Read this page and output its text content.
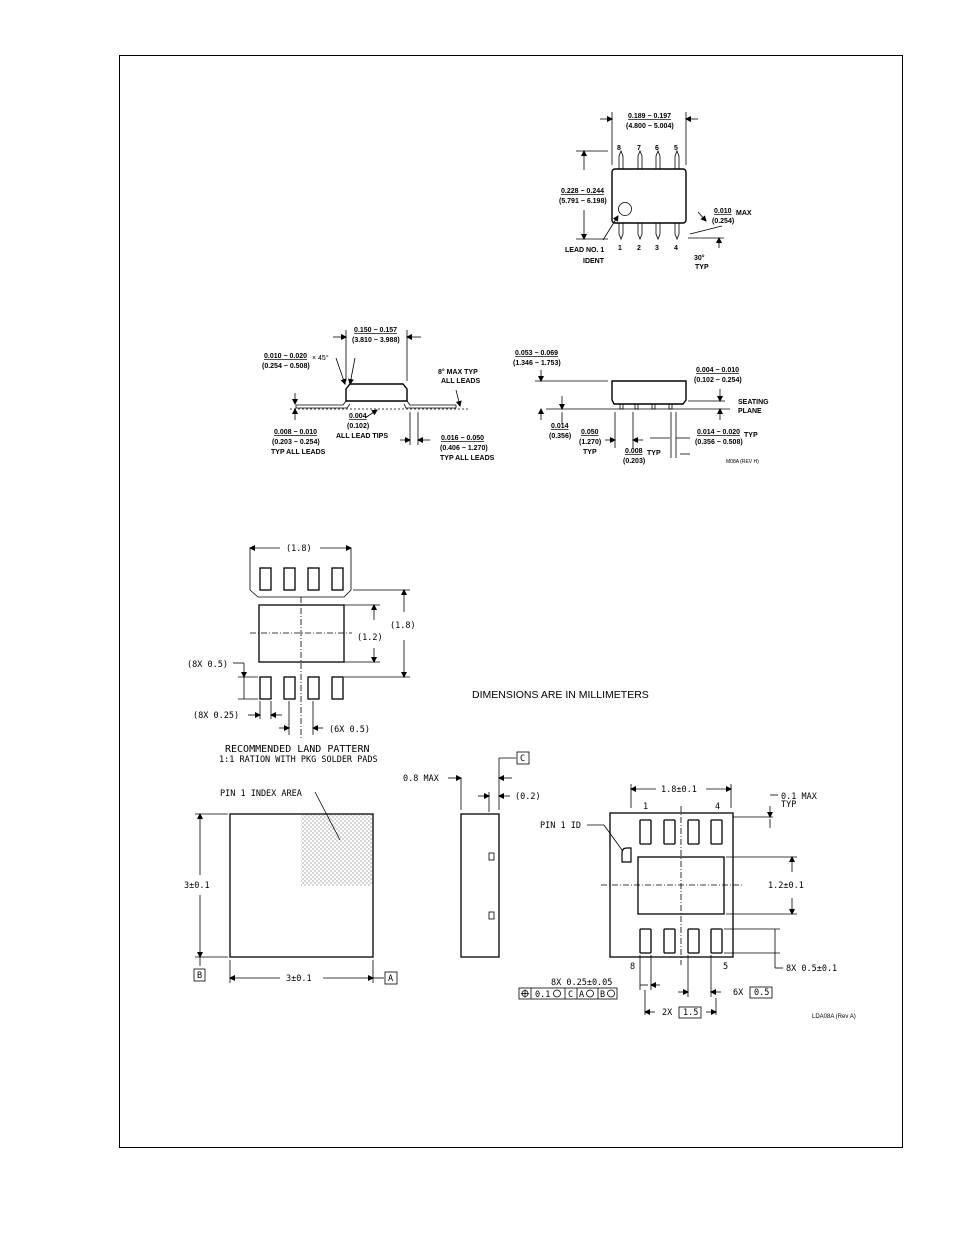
0.189 − 0.197
(4.800 − 5.004)
8 7 6 5
1 2 3 4
0.228 − 0.244
(5.791 − 6.198)
LEAD NO. 1
IDENT
0.010 MAX
(0.254)
30°
TYP
0.150 − 0.157
(3.810 − 3.988)
0.010 − 0.020 × 45°
(0.254 − 0.508)
8° MAX TYP
ALL LEADS
0.004
(0.102)
ALL LEAD TIPS
0.008 − 0.010
(0.203 − 0.254)
TYP ALL LEADS
0.016 − 0.050
(0.406 − 1.270)
TYP ALL LEADS
0.053 − 0.069
(1.346 − 1.753)
0.004 − 0.010
(0.102 − 0.254)
SEATING
PLANE
0.014
(0.356)
0.050
(1.270)
TYP
0.014 − 0.020 TYP
(0.356 − 0.508)
0.008 TYP
(0.203)	M08A (REV H)
(1.8)
(1.2)
(1.8)
(8X 0.5)
(8X 0.25)
(6X 0.5)
RECOMMENDED LAND PATTERN
1:1 RATION WITH PKG SOLDER PADS
DIMENSIONS ARE IN MILLIMETERS
PIN 1 INDEX AREA
3±0.1
3±0.1
B	A
C
0.8 MAX
(0.2)
1.8±0.1
1	4
8	5
0.1 MAX
TYP
PIN 1 ID
1.2±0.1
8X 0.5±0.1
8X 0.25±0.05
0.1 C A B	6X 0.5
2X 1.5	LDA08A (Rev A)
